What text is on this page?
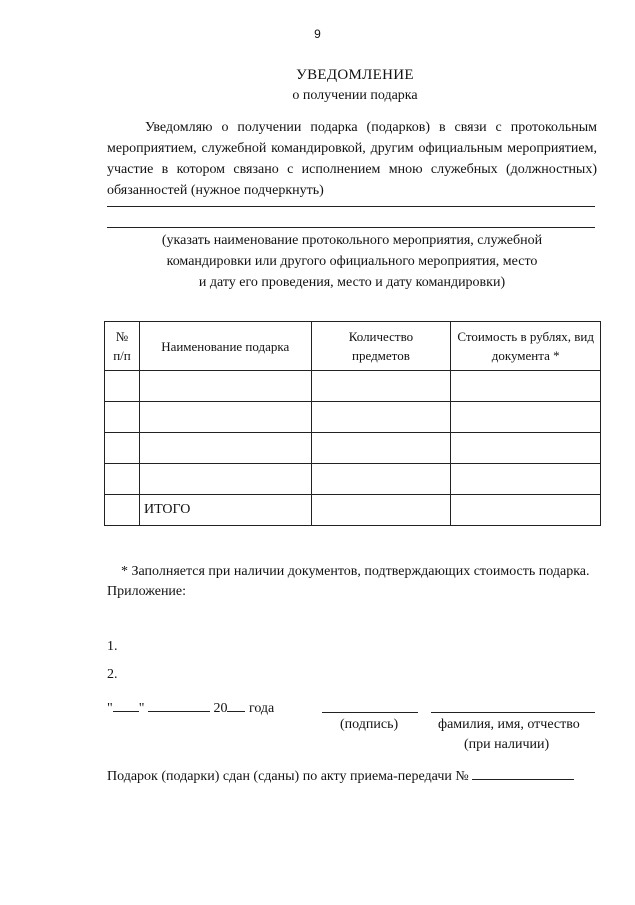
9
УВЕДОМЛЕНИЕ
о получении подарка
Уведомляю о получении подарка (подарков) в связи с протокольным мероприятием, служебной командировкой, другим официальным мероприятием, участие в котором связано с исполнением мною служебных (должностных) обязанностей (нужное подчеркнуть)
(указать наименование протокольного мероприятия, служебной
командировки или другого официального мероприятия, место
и дату его проведения, место и дату командировки)
№ п/п	Наименование подарка	Количество предметов	Стоимость в рублях, вид документа *

	ИТОГО		
* Заполняется при наличии документов, подтверждающих стоимость подарка.
Приложение:
1.
2.
" "	20 года
(подпись)	фамилия, имя, отчество
(при наличии)
Подарок (подарки) сдан (сданы) по акту приема-передачи №
